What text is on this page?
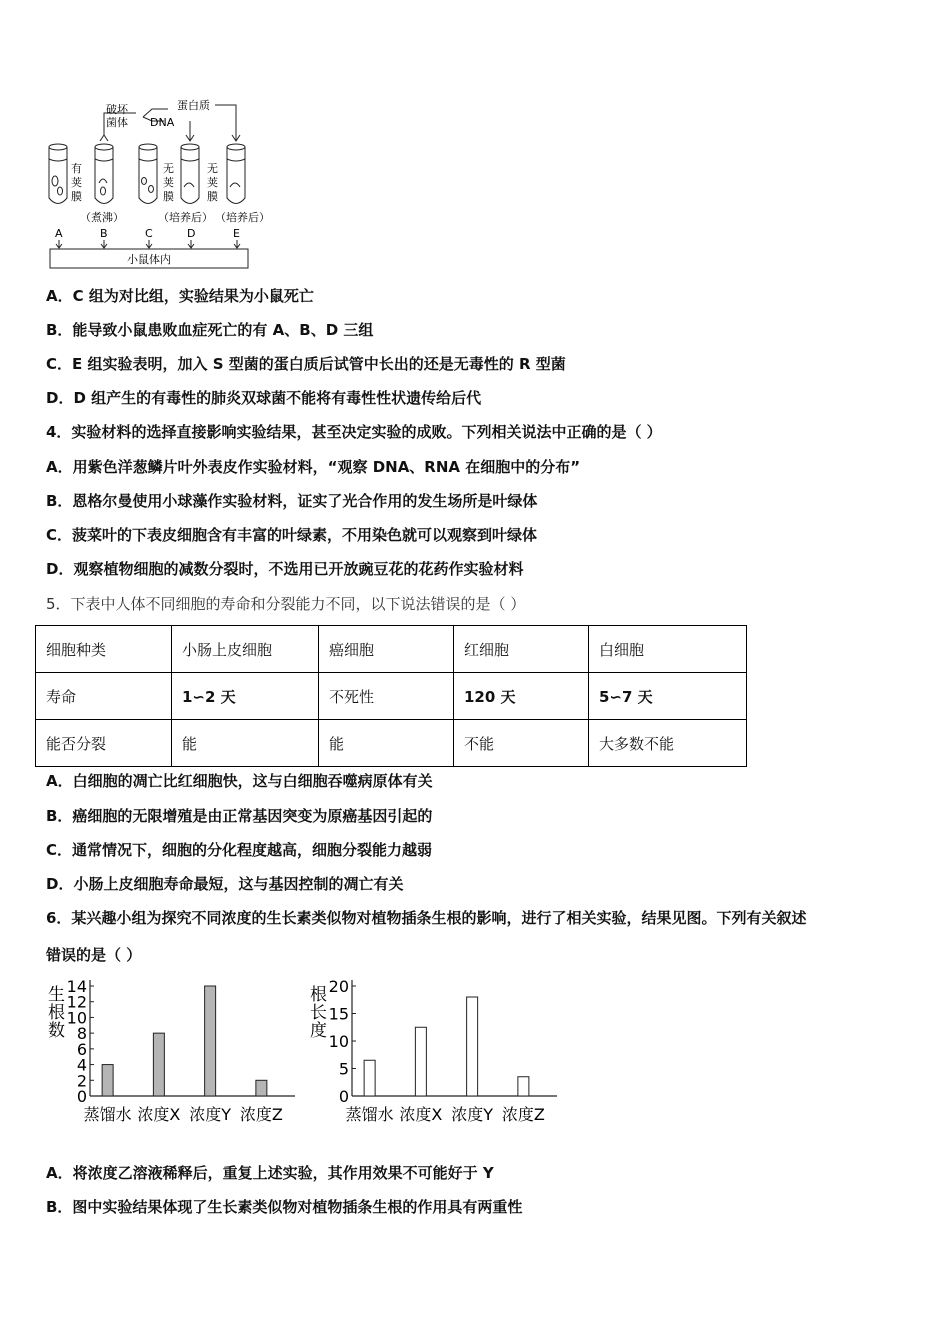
破坏
菌体
蛋白质
DNA
有
荚
膜
无
荚
膜
无
荚
膜
（煮沸）	（培养后） （培养后）
A	B	C	D	E
小鼠体内
A．C 组为对比组，实验结果为小鼠死亡
B．能导致小鼠患败血症死亡的有 A、B、D 三组
C．E 组实验表明，加入 S 型菌的蛋白质后试管中长出的还是无毒性的 R 型菌
D．D 组产生的有毒性的肺炎双球菌不能将有毒性性状遗传给后代
4．实验材料的选择直接影响实验结果，甚至决定实验的成败。下列相关说法中正确的是（ ）
A．用紫色洋葱鳞片叶外表皮作实验材料，“观察 DNA、RNA 在细胞中的分布”
B．恩格尔曼使用小球藻作实验材料，证实了光合作用的发生场所是叶绿体
C．菠菜叶的下表皮细胞含有丰富的叶绿素，不用染色就可以观察到叶绿体
D．观察植物细胞的减数分裂时，不选用已开放豌豆花的花药作实验材料
5．下表中人体不同细胞的寿命和分裂能力不同，以下说法错误的是（ ）
细胞种类	小肠上皮细胞	癌细胞	红细胞	白细胞
寿命	1∽2 天	不死性	120 天	5∽7 天
能否分裂	能	能	不能	大多数不能
A．白细胞的凋亡比红细胞快，这与白细胞吞噬病原体有关
B．癌细胞的无限增殖是由正常基因突变为原癌基因引起的
C．通常情况下，细胞的分化程度越高，细胞分裂能力越弱
D．小肠上皮细胞寿命最短，这与基因控制的凋亡有关
6．某兴趣小组为探究不同浓度的生长素类似物对植物插条生根的影响，进行了相关实验，结果见图。下列有关叙述
错误的是（ ）
生
根
数
0
2
4
6
8
10
12
14
蒸馏水 浓度X 浓度Y 浓度Z
根
长
度
0
5
10
15
20
蒸馏水 浓度X 浓度Y 浓度Z
A．将浓度乙溶液稀释后，重复上述实验，其作用效果不可能好于 Y
B．图中实验结果体现了生长素类似物对植物插条生根的作用具有两重性
